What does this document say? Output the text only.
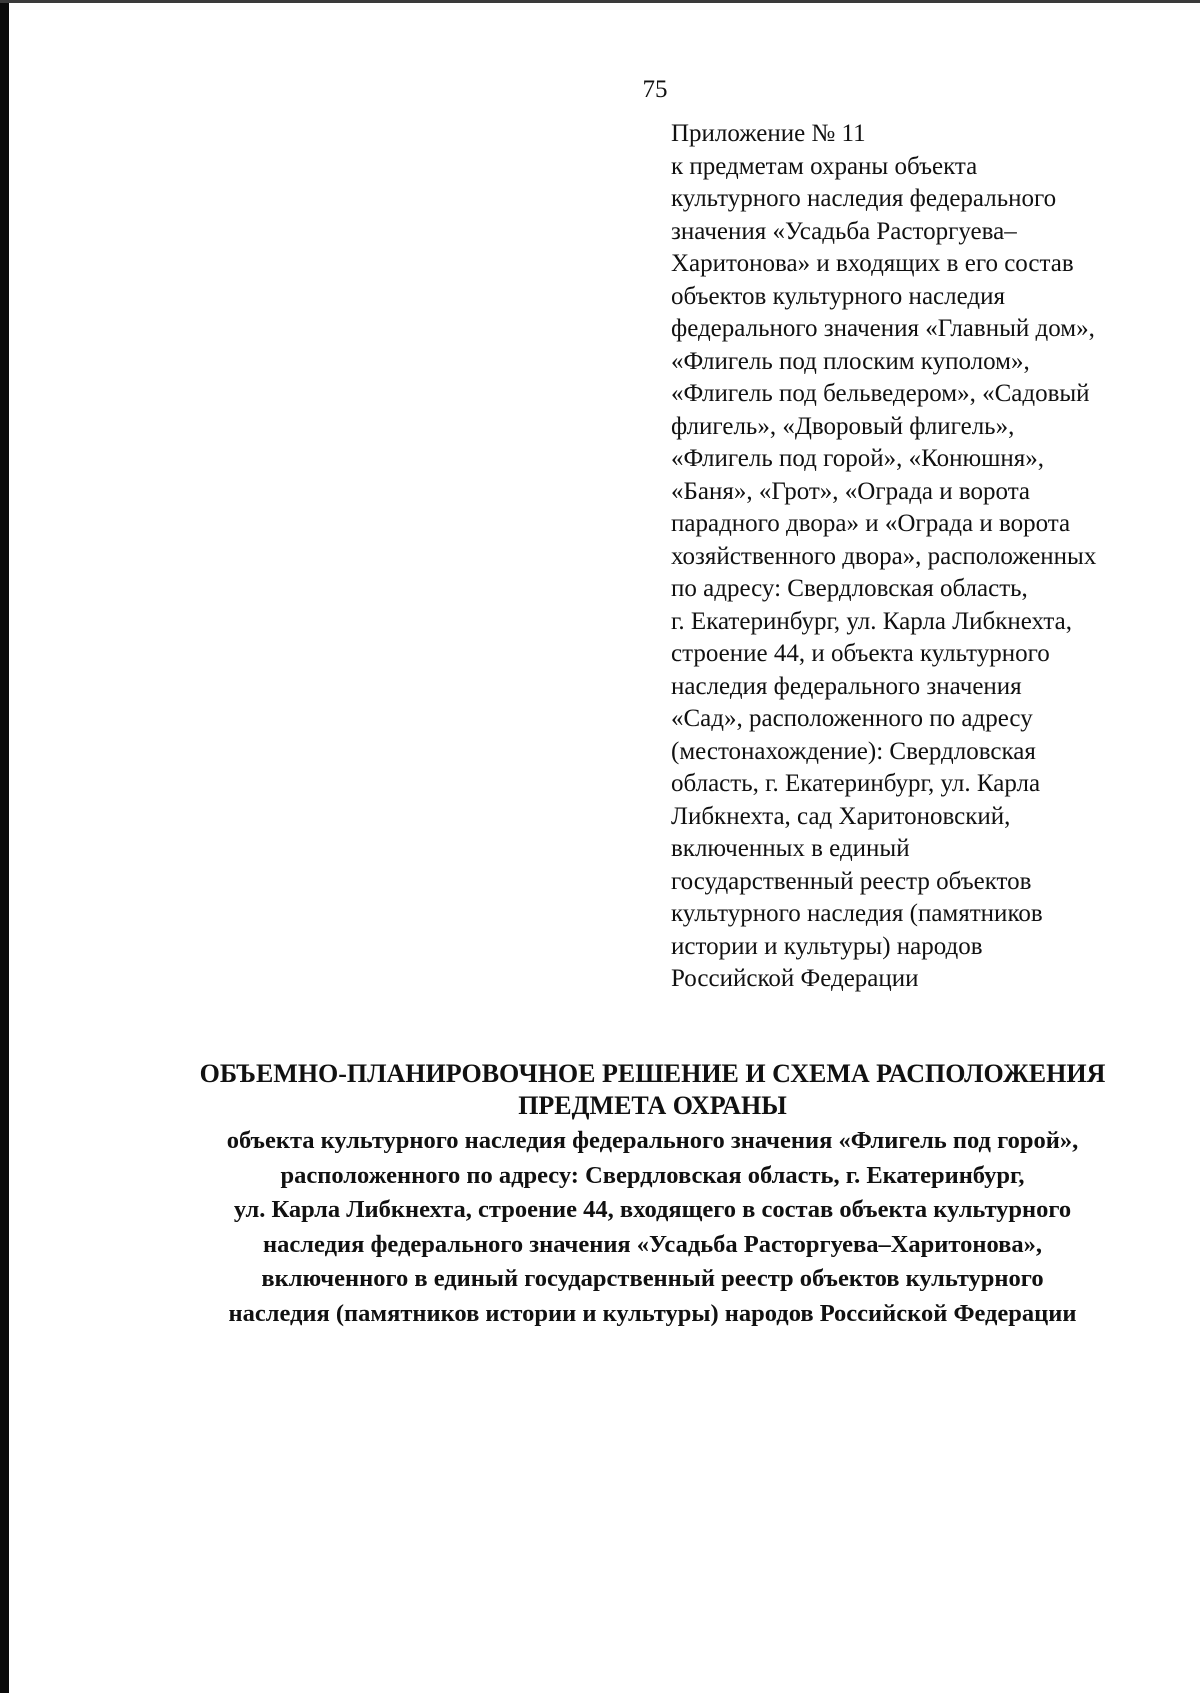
75
Приложение № 11
к предметам охраны объекта
культурного наследия федерального
значения «Усадьба Расторгуева–
Харитонова» и входящих в его состав
объектов культурного наследия
федерального значения «Главный дом»,
«Флигель под плоским куполом»,
«Флигель под бельведером», «Садовый
флигель», «Дворовый флигель»,
«Флигель под горой», «Конюшня»,
«Баня», «Грот», «Ограда и ворота
парадного двора» и «Ограда и ворота
хозяйственного двора», расположенных
по адресу: Свердловская область,
г. Екатеринбург, ул. Карла Либкнехта,
строение 44, и объекта культурного
наследия федерального значения
«Сад», расположенного по адресу
(местонахождение): Свердловская
область, г. Екатеринбург, ул. Карла
Либкнехта, сад Харитоновский,
включенных в единый
государственный реестр объектов
культурного наследия (памятников
истории и культуры) народов
Российской Федерации
ОБЪЕМНО-ПЛАНИРОВОЧНОЕ РЕШЕНИЕ И СХЕМА РАСПОЛОЖЕНИЯ
ПРЕДМЕТА ОХРАНЫ
объекта культурного наследия федерального значения «Флигель под горой»,
расположенного по адресу: Свердловская область, г. Екатеринбург,
ул. Карла Либкнехта, строение 44, входящего в состав объекта культурного
наследия федерального значения «Усадьба Расторгуева–Харитонова»,
включенного в единый государственный реестр объектов культурного
наследия (памятников истории и культуры) народов Российской Федерации
